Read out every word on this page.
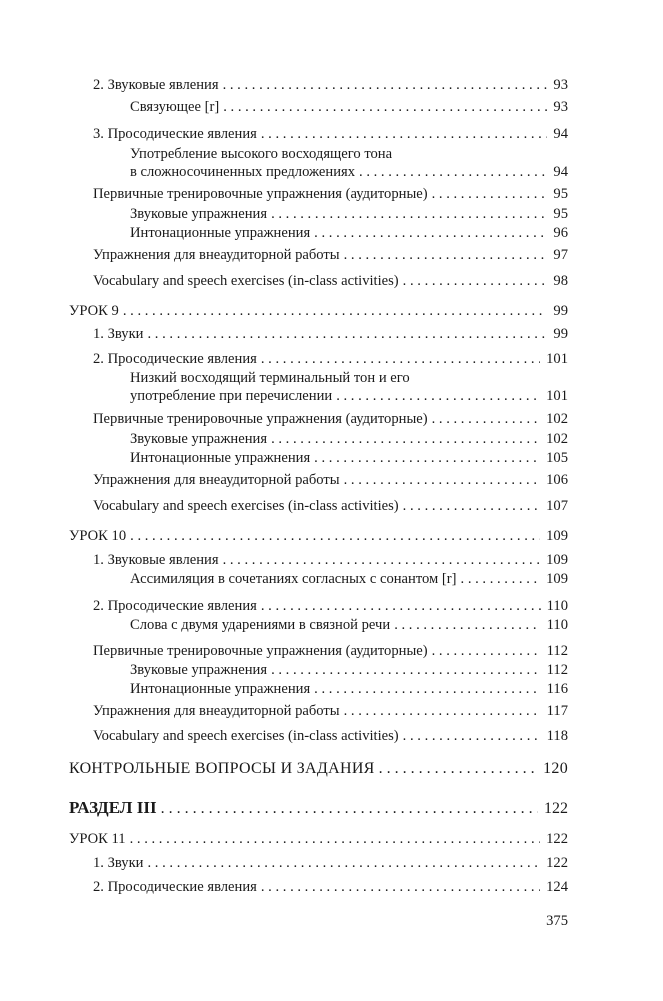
2. Звуковые явления . . .	93
Связующее [r] . . .	93
3. Просодические явления . . .	94
Употребление высокого восходящего тона
в сложносочиненных предложениях . . .	94
Первичные тренировочные упражнения (аудиторные) . . .	95
Звуковые упражнения . . .	95
Интонационные упражнения . . .	96
Упражнения для внеаудиторной работы . . .	97
Vocabulary and speech exercises (in-class activities) . . .	98
УРОК 9 . . .	99
1. Звуки . . .	99
2. Просодические явления . . .	101
Низкий восходящий терминальный тон и его
употребление при перечислении . . .	101
Первичные тренировочные упражнения (аудиторные) . . .	102
Звуковые упражнения . . .	102
Интонационные упражнения . . .	105
Упражнения для внеаудиторной работы . . .	106
Vocabulary and speech exercises (in-class activities) . . .	107
УРОК 10 . . .	109
1. Звуковые явления . . .	109
Ассимиляция в сочетаниях согласных с сонантом [r] . . .	109
2. Просодические явления . . .	110
Слова с двумя ударениями в связной речи . . .	110
Первичные тренировочные упражнения (аудиторные) . . .	112
Звуковые упражнения . . .	112
Интонационные упражнения . . .	116
Упражнения для внеаудиторной работы . . .	117
Vocabulary and speech exercises (in-class activities) . . .	118
КОНТРОЛЬНЫЕ ВОПРОСЫ И ЗАДАНИЯ . . .	120
РАЗДЕЛ III . . .	122
УРОК 11 . . .	122
1. Звуки . . .	122
2. Просодические явления . . .	124
375
